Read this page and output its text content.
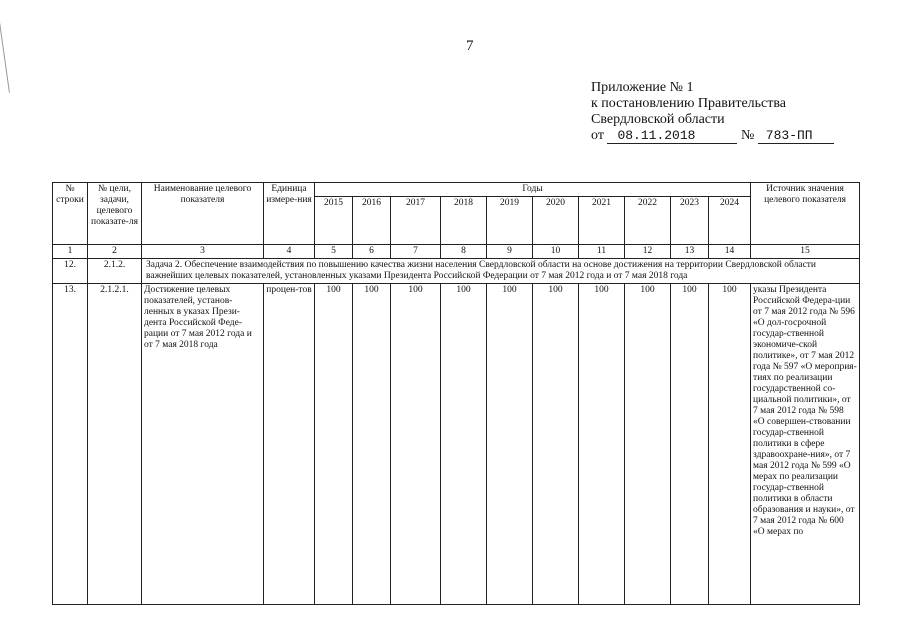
7
Приложение № 1
к постановлению Правительства
Свердловской области
от 08.11.2018	№ 783-ПП
№ строки	№ цели, задачи, целевого показате-ля	Наименование целевого показателя	Единица измере-ния	Годы										Источник значения целевого показателя
				2015	2016	2017	2018	2019	2020	2021	2022	2023	2024	
1	2	3	4	5	6	7	8	9	10	11	12	13	14	15
12.	2.1.2.	Задача 2. Обеспечение взаимодействия по повышению качества жизни населения Свердловской области на основе достижения на территории Свердловской области важнейших целевых показателей, установленных указами Президента Российской Федерации от 7 мая 2012 года и от 7 мая 2018 года												
13.	2.1.2.1.	Достижение целевых показателей, установ-ленных в указах Прези-дента Российской Феде-рации от 7 мая 2012 года и от 7 мая 2018 года	процен-тов	100	100	100	100	100	100	100	100	100	100	указы Президента Российской Федера-ции от 7 мая 2012 года № 596 «О дол-госрочной государ-ственной экономиче-ской политике», от 7 мая 2012 года № 597 «О мероприя-тиях по реализации государственной со-циальной политики», от 7 мая 2012 года № 598 «О совершен-ствовании государ-ственной политики в сфере здравоохране-ния», от 7 мая 2012 года № 599 «О мерах по реализации государ-ственной политики в области образования и науки», от 7 мая 2012 года № 600 «О мерах по
